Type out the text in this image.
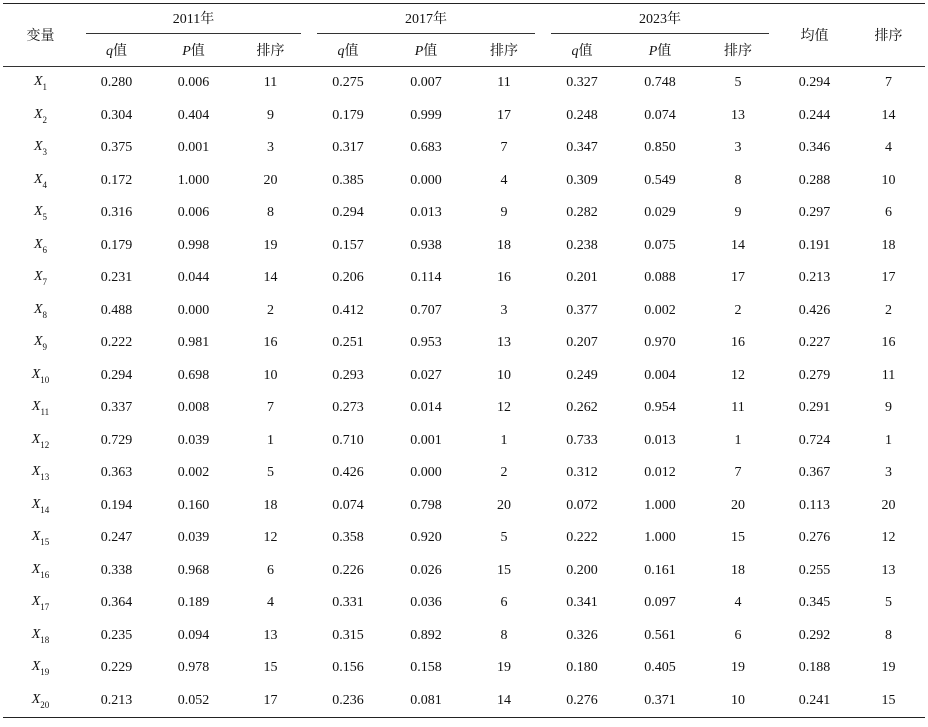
变量	2011年			2017年			2023年			均值	排序
	q值	P值	排序	q值	P值	排序	q值	P值	排序		
$X_1$	0.280	0.006	11	0.275	0.007	11	0.327	0.748	5	0.294	7
$X_2$	0.304	0.404	9	0.179	0.999	17	0.248	0.074	13	0.244	14
$X_3$	0.375	0.001	3	0.317	0.683	7	0.347	0.850	3	0.346	4
$X_4$	0.172	1.000	20	0.385	0.000	4	0.309	0.549	8	0.288	10
$X_5$	0.316	0.006	8	0.294	0.013	9	0.282	0.029	9	0.297	6
$X_6$	0.179	0.998	19	0.157	0.938	18	0.238	0.075	14	0.191	18
$X_7$	0.231	0.044	14	0.206	0.114	16	0.201	0.088	17	0.213	17
$X_8$	0.488	0.000	2	0.412	0.707	3	0.377	0.002	2	0.426	2
$X_9$	0.222	0.981	16	0.251	0.953	13	0.207	0.970	16	0.227	16
$X_{10}$	0.294	0.698	10	0.293	0.027	10	0.249	0.004	12	0.279	11
$X_{11}$	0.337	0.008	7	0.273	0.014	12	0.262	0.954	11	0.291	9
$X_{12}$	0.729	0.039	1	0.710	0.001	1	0.733	0.013	1	0.724	1
$X_{13}$	0.363	0.002	5	0.426	0.000	2	0.312	0.012	7	0.367	3
$X_{14}$	0.194	0.160	18	0.074	0.798	20	0.072	1.000	20	0.113	20
$X_{15}$	0.247	0.039	12	0.358	0.920	5	0.222	1.000	15	0.276	12
$X_{16}$	0.338	0.968	6	0.226	0.026	15	0.200	0.161	18	0.255	13
$X_{17}$	0.364	0.189	4	0.331	0.036	6	0.341	0.097	4	0.345	5
$X_{18}$	0.235	0.094	13	0.315	0.892	8	0.326	0.561	6	0.292	8
$X_{19}$	0.229	0.978	15	0.156	0.158	19	0.180	0.405	19	0.188	19
$X_{20}$	0.213	0.052	17	0.236	0.081	14	0.276	0.371	10	0.241	15
